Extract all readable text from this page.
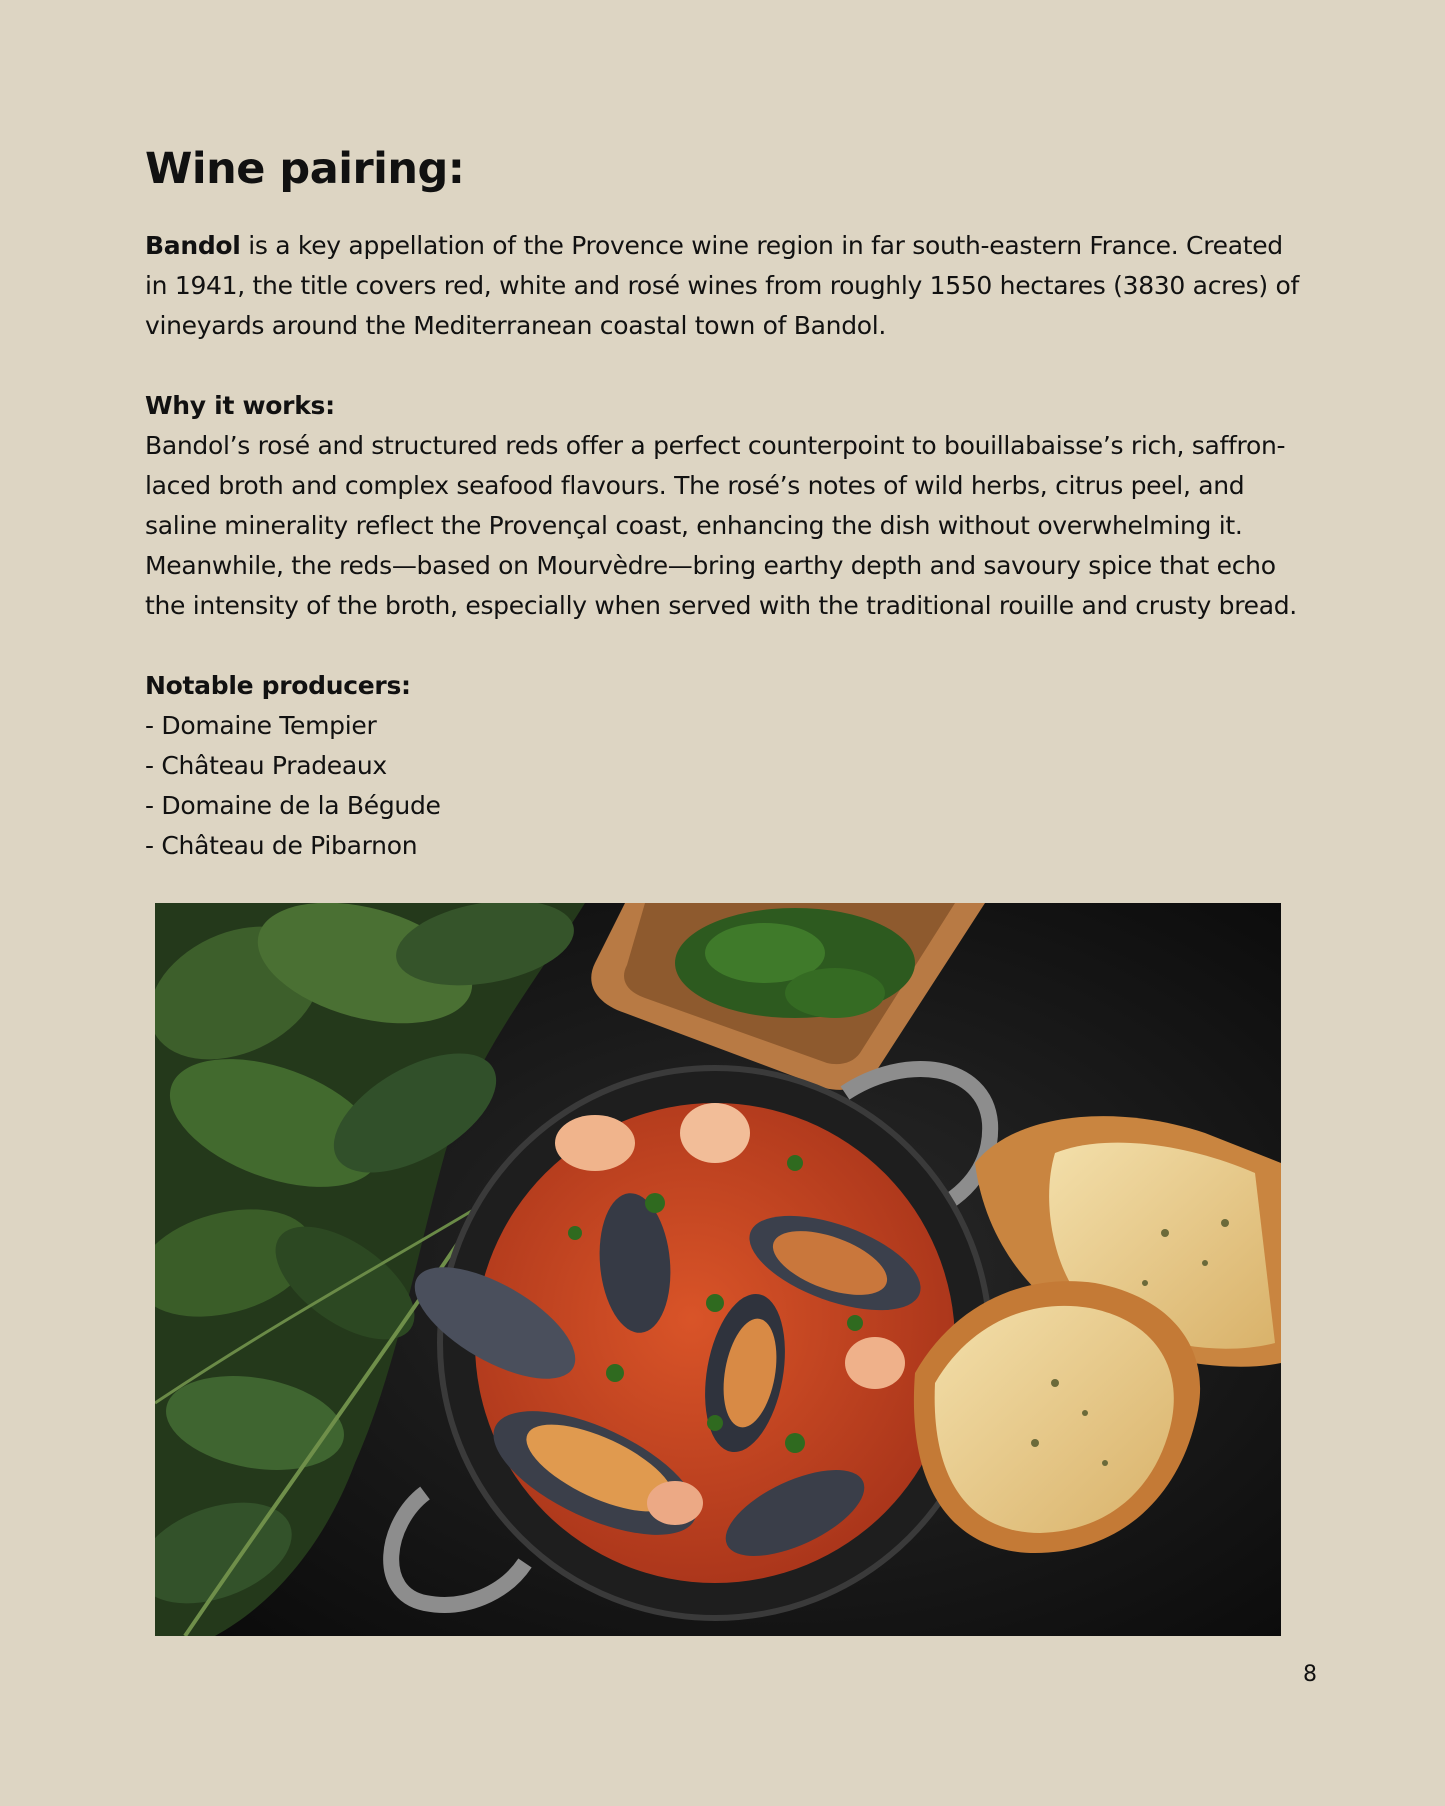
Wine pairing:

Bandol is a key appellation of the Provence wine region in far south-eastern France. Created in 1941, the title covers red, white and rosé wines from roughly 1550 hectares (3830 acres) of vineyards around the Mediterranean coastal town of Bandol.

Why it works:

Bandol’s rosé and structured reds offer a perfect counterpoint to bouillabaisse’s rich, saffron-laced broth and complex seafood flavours. The rosé’s notes of wild herbs, citrus peel, and saline minerality reflect the Provençal coast, enhancing the dish without overwhelming it. Meanwhile, the reds—based on Mourvèdre—bring earthy depth and savoury spice that echo the intensity of the broth, especially when served with the traditional rouille and crusty bread.

Notable producers:

- Domaine Tempier
- Château Pradeaux
- Domaine de la Bégude
- Château de Pibarnon
8
